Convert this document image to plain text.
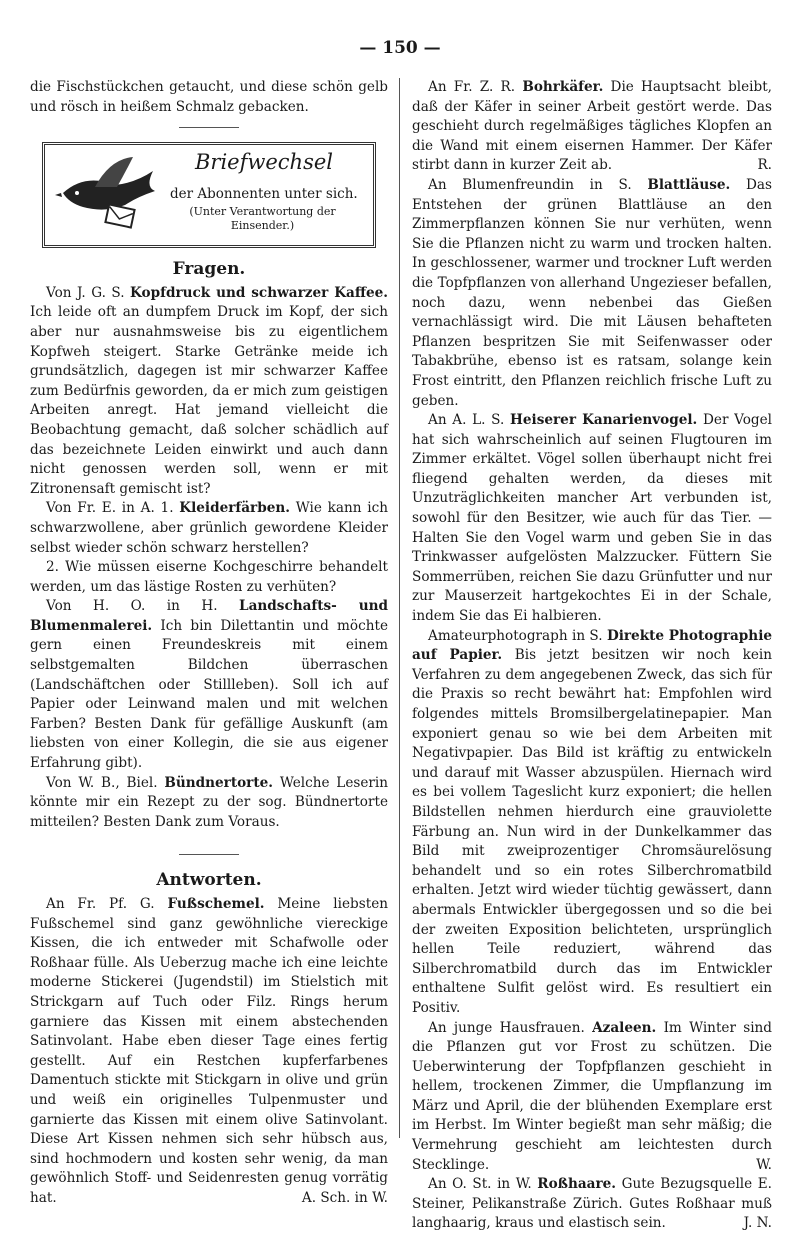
— 150 —

die Fischstückchen getaucht, und diese schön gelb und rösch in heißem Schmalz gebacken.

Briefwechsel
der Abonnenten unter sich.
(Unter Verantwortung der Einsender.)
Fragen.

Von J. G. S. Kopfdruck und schwarzer Kaffee. Ich leide oft an dumpfem Druck im Kopf, der sich aber nur ausnahmsweise bis zu eigentlichem Kopfweh steigert. Starke Getränke meide ich grundsätzlich, dagegen ist mir schwarzer Kaffee zum Bedürfnis geworden, da er mich zum geistigen Arbeiten anregt. Hat jemand vielleicht die Beobachtung gemacht, daß solcher schädlich auf das bezeichnete Leiden einwirkt und auch dann nicht genossen werden soll, wenn er mit Zitronensaft gemischt ist?

Von Fr. E. in A. 1. Kleiderfärben. Wie kann ich schwarzwollene, aber grünlich gewordene Kleider selbst wieder schön schwarz herstellen?

2. Wie müssen eiserne Kochgeschirre behandelt werden, um das lästige Rosten zu verhüten?

Von H. O. in H. Landschafts- und Blumenmalerei. Ich bin Dilettantin und möchte gern einen Freundeskreis mit einem selbstgemalten Bildchen überraschen (Landschäftchen oder Stillleben). Soll ich auf Papier oder Leinwand malen und mit welchen Farben? Besten Dank für gefällige Auskunft (am liebsten von einer Kollegin, die sie aus eigener Erfahrung gibt).

Von W. B., Biel. Bündnertorte. Welche Leserin könnte mir ein Rezept zu der sog. Bündnertorte mitteilen? Besten Dank zum Voraus.

Antworten.

An Fr. Pf. G. Fußschemel. Meine liebsten Fußschemel sind ganz gewöhnliche viereckige Kissen, die ich entweder mit Schafwolle oder Roßhaar fülle. Als Ueberzug mache ich eine leichte moderne Stickerei (Jugendstil) im Stielstich mit Strickgarn auf Tuch oder Filz. Rings herum garniere das Kissen mit einem abstechenden Satinvolant. Habe eben dieser Tage eines fertig gestellt. Auf ein Restchen kupferfarbenes Damentuch stickte mit Stickgarn in olive und grün und weiß ein originelles Tulpenmuster und garnierte das Kissen mit einem olive Satinvolant. Diese Art Kissen nehmen sich sehr hübsch aus, sind hochmodern und kosten sehr wenig, da man gewöhnlich Stoff- und Seidenresten genug vorrätig hat.	A. Sch. in W.

An Fr. Z. R. Bohrkäfer. Die Hauptsacht bleibt, daß der Käfer in seiner Arbeit gestört werde. Das geschieht durch regelmäßiges tägliches Klopfen an die Wand mit einem eisernen Hammer. Der Käfer stirbt dann in kurzer Zeit ab.	R.

An Blumenfreundin in S. Blattläuse. Das Entstehen der grünen Blattläuse an den Zimmerpflanzen können Sie nur verhüten, wenn Sie die Pflanzen nicht zu warm und trocken halten. In geschlossener, warmer und trockner Luft werden die Topfpflanzen von allerhand Ungezieser befallen, noch dazu, wenn nebenbei das Gießen vernachlässigt wird. Die mit Läusen behafteten Pflanzen bespritzen Sie mit Seifenwasser oder Tabakbrühe, ebenso ist es ratsam, solange kein Frost eintritt, den Pflanzen reichlich frische Luft zu geben.

An A. L. S. Heiserer Kanarienvogel. Der Vogel hat sich wahrscheinlich auf seinen Flugtouren im Zimmer erkältet. Vögel sollen überhaupt nicht frei fliegend gehalten werden, da dieses mit Unzuträglichkeiten mancher Art verbunden ist, sowohl für den Besitzer, wie auch für das Tier. — Halten Sie den Vogel warm und geben Sie in das Trinkwasser aufgelösten Malzzucker. Füttern Sie Sommerrüben, reichen Sie dazu Grünfutter und nur zur Mauserzeit hartgekochtes Ei in der Schale, indem Sie das Ei halbieren.

Amateurphotograph in S. Direkte Photographie auf Papier. Bis jetzt besitzen wir noch kein Verfahren zu dem angegebenen Zweck, das sich für die Praxis so recht bewährt hat: Empfohlen wird folgendes mittels Bromsilbergelatinepapier. Man exponiert genau so wie bei dem Arbeiten mit Negativpapier. Das Bild ist kräftig zu entwickeln und darauf mit Wasser abzuspülen. Hiernach wird es bei vollem Tageslicht kurz exponiert; die hellen Bildstellen nehmen hierdurch eine grauviolette Färbung an. Nun wird in der Dunkelkammer das Bild mit zweiprozentiger Chromsäurelösung behandelt und so ein rotes Silberchromatbild erhalten. Jetzt wird wieder tüchtig gewässert, dann abermals Entwickler übergegossen und so die bei der zweiten Exposition belichteten, ursprünglich hellen Teile reduziert, während das Silberchromatbild durch das im Entwickler enthaltene Sulfit gelöst wird. Es resultiert ein Positiv.

An junge Hausfrauen. Azaleen. Im Winter sind die Pflanzen gut vor Frost zu schützen. Die Ueberwinterung der Topfpflanzen geschieht in hellem, trockenen Zimmer, die Umpflanzung im März und April, die der blühenden Exemplare erst im Herbst. Im Winter begießt man sehr mäßig; die Vermehrung geschieht am leichtesten durch Stecklinge.	W.

An O. St. in W. Roßhaare. Gute Bezugsquelle E. Steiner, Pelikanstraße Zürich. Gutes Roßhaar muß langhaarig, kraus und elastisch sein.	J. N.
